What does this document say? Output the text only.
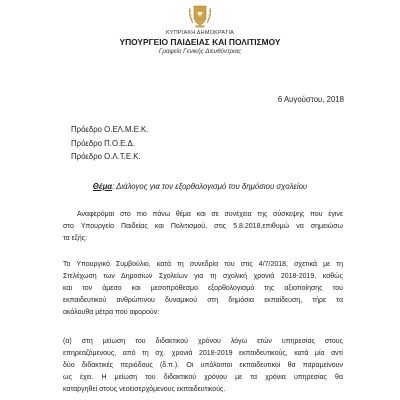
ΚΥΠΡΙΑΚΗ ΔΗΜΟΚΡΑΤΙΑ
ΥΠΟΥΡΓΕΙΟ ΠΑΙΔΕΙΑΣ ΚΑΙ ΠΟΛΙΤΙΣΜΟΥ
Γραφείο Γενικής Διευθύντριας
6 Αυγούστου, 2018
Πρόεδρο Ο.ΕΛ.Μ.Ε.Κ.
Πρόεδρο Π.Ο.Ε.Δ.
Πρόεδρο Ο.Λ.Τ.Ε.Κ.
Θέμα: Διάλογος για τον εξορθολογισμό του δημόσιου σχολείου
Αναφερόμαι στο πιο πάνω θέμα και σε συνέχεια της σύσκεψης που έγινε
στο Υπουργείο Παιδείας και Πολιτισμού, στις 5.8.2018,επιθυμώ να σημειώσω
τα εξής:
Το Υπουργικό Συμβούλιο, κατά τη συνεδρία του στις 4/7/2018, σχετικά με τη
Στελέχωση των Δημοσίων Σχολείων για τη σχολική χρονιά 2018-2019, καθώς
και τον άμεσο και μεσοπρόθεσμο εξορθολογισμό της αξιοποίησης του
εκπαιδευτικού ανθρώπινου δυναμικού στη δημόσια εκπαίδευση, τήρε τα
ακόλουθα μέτρα που αφορούν:
(α) στη μείωση του διδακτικού χρόνου λόγω ετών υπηρεσίας στους
επηρεαζόμενους, από τη σχ. χρονιά 2018-2019 εκπαιδευτικούς, κατά μία αντί
δύο διδακτικές περιόδους (δ.π.). Οι υπόλοιποι εκπαιδευτικοί θα παραμείνουν
ως έχει. Η μείωση του διδακτικού χρόνου με τα χρόνια υπηρεσίας θα
καταργηθεί στους νεοεισερχόμενους εκπαιδευτικούς.
